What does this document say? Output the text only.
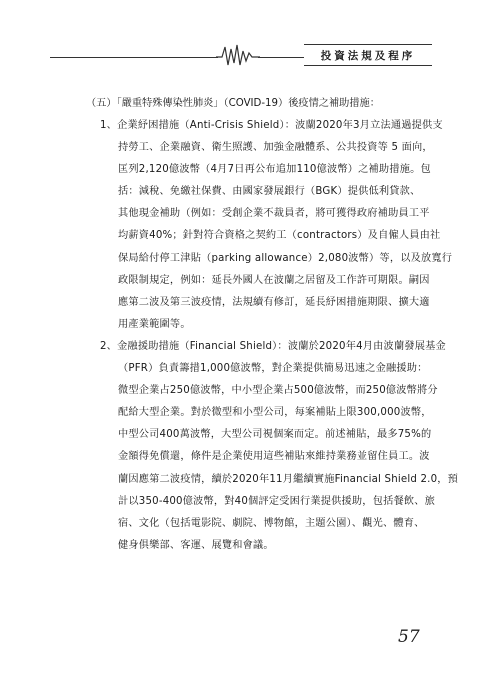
投資法規及程序
（五）「嚴重特殊傳染性肺炎」（COVID-19）後疫情之補助措施：
1、企業紓困措施（Anti-Crisis Shield）：波蘭2020年3月立法通過提供支
持勞工、企業融資、衛生照護、加強金融體系、公共投資等 5 面向，
匡列2,120億波幣（4月7日再公布追加110億波幣）之補助措施。包
括：減稅、免繳社保費、由國家發展銀行（BGK）提供低利貸款、
其他現金補助（例如：受創企業不裁員者，將可獲得政府補助員工平
均薪資40%；針對符合資格之契約工（contractors）及自僱人員由社
保局給付停工津貼（parking allowance）2,080波幣）等，以及放寬行
政限制規定，例如：延長外國人在波蘭之居留及工作許可期限。嗣因
應第二波及第三波疫情，法規續有修訂，延長紓困措施期限、擴大適
用產業範圍等。
2、金融援助措施（Financial Shield）：波蘭於2020年4月由波蘭發展基金
（PFR）負責籌措1,000億波幣，對企業提供簡易迅速之金融援助：
微型企業占250億波幣，中小型企業占500億波幣，而250億波幣將分
配給大型企業。對於微型和小型公司，每案補貼上限300,000波幣，
中型公司400萬波幣，大型公司視個案而定。前述補貼，最多75%的
金額得免償還，條件是企業使用這些補貼來維持業務並留住員工。波
蘭因應第二波疫情，續於2020年11月繼續實施Financial Shield 2.0，預
計以350-400億波幣，對40個評定受困行業提供援助，包括餐飲、旅
宿、文化（包括電影院、劇院、博物館，主題公園）、觀光、體育、
健身俱樂部、客運、展覽和會議。
57
